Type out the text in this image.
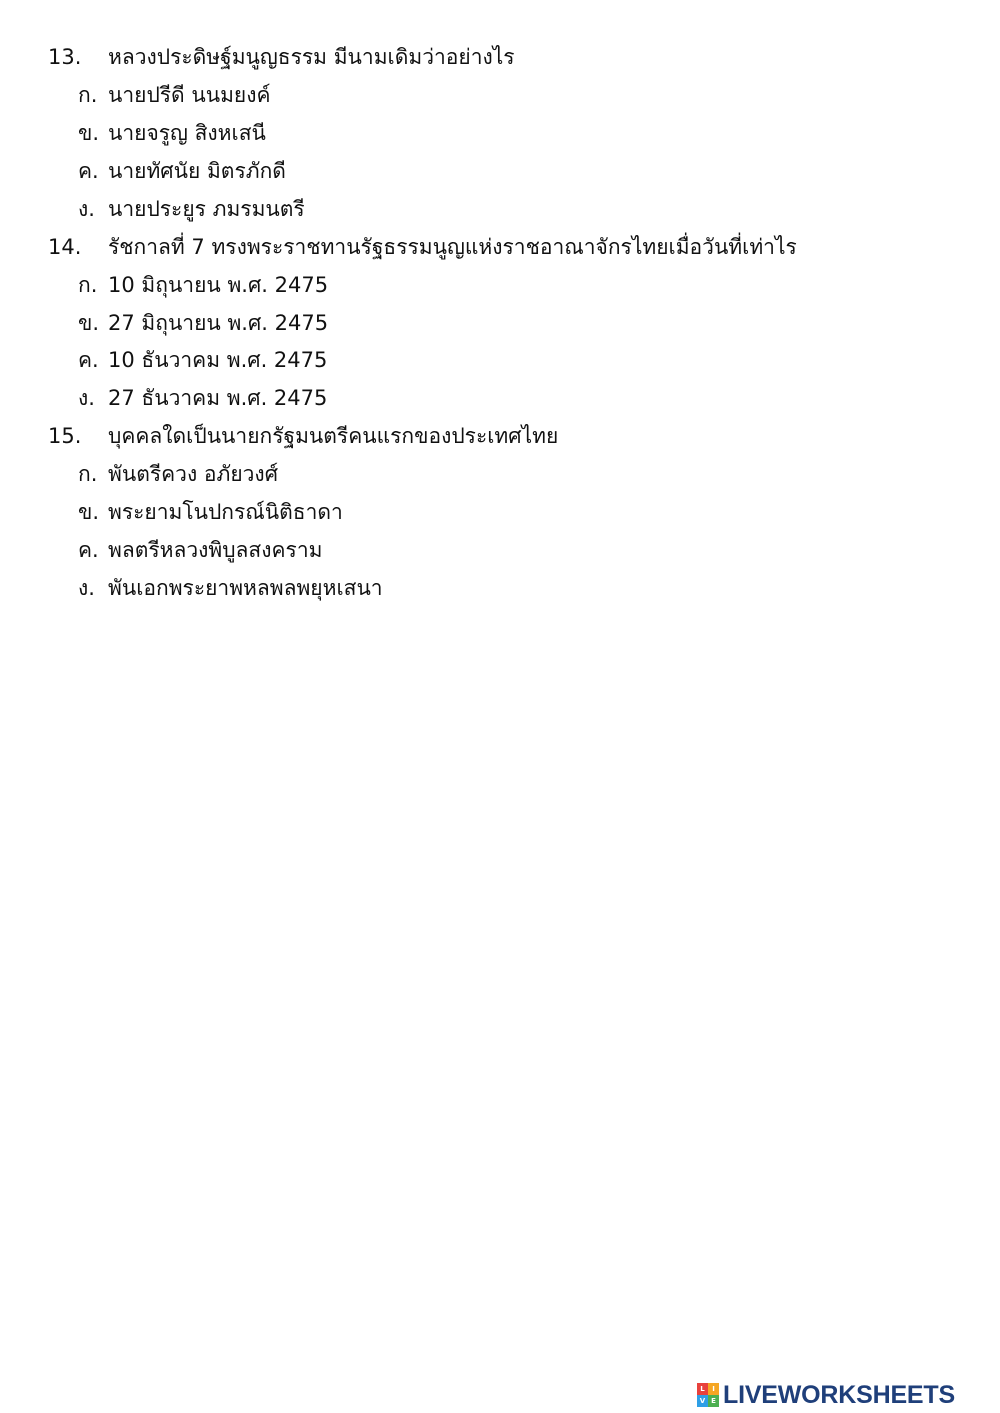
13. หลวงประดิษฐ์มนูญธรรม มีนามเดิมว่าอย่างไร
ก. นายปรีดี นนมยงค์
ข. นายจรูญ สิงหเสนี
ค. นายทัศนัย มิตรภักดี
ง. นายประยูร ภมรมนตรี
14. รัชกาลที่ 7 ทรงพระราชทานรัฐธรรมนูญแห่งราชอาณาจักรไทยเมื่อวันที่เท่าไร
ก. 10 มิถุนายน พ.ศ. 2475
ข. 27 มิถุนายน พ.ศ. 2475
ค. 10 ธันวาคม พ.ศ. 2475
ง. 27 ธันวาคม พ.ศ. 2475
15. บุคคลใดเป็นนายกรัฐมนตรีคนแรกของประเทศไทย
ก. พันตรีควง อภัยวงศ์
ข. พระยามโนปกรณ์นิติธาดา
ค. พลตรีหลวงพิบูลสงคราม
ง. พันเอกพระยาพหลพลพยุหเสนา
L	I
V E LIVEWORKSHEETS
